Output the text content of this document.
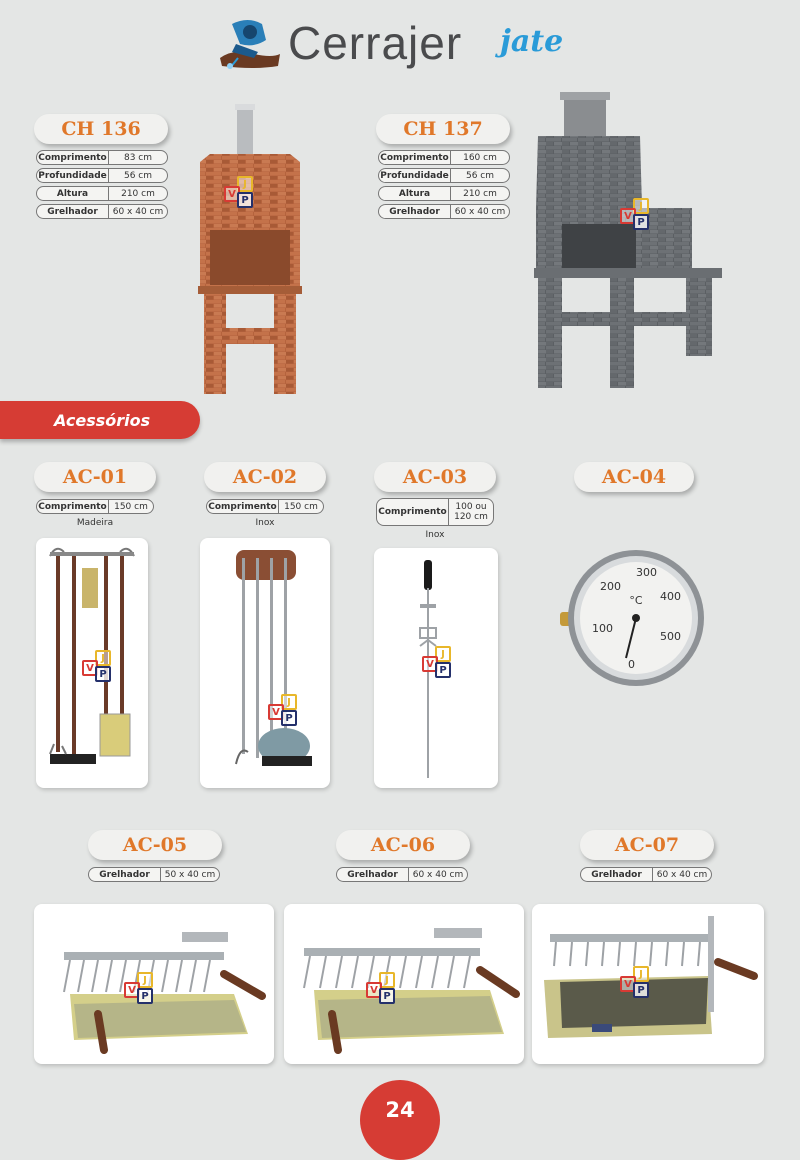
Cerrajer jate
CH 136
Comprimento	83 cm
Profundidade	56 cm
Altura	210 cm
Grelhador	60 x 40 cm
J
V
P
CH 137
Comprimento	160 cm
Profundidade	56 cm
Altura	210 cm
Grelhador	60 x 40 cm	J
V
P
Acessórios
AC-01
Comprimento 150 cm
Madeira
J
V
P
AC-02
Comprimento 150 cm
Inox
J
V
P
AC-03
Comprimento 100 ou
120 cm
Inox
J
V
P
AC-04
°C
0
100
200
300
400
500
AC-05
Grelhador	50 x 40 cm
J
V
P
AC-06
Grelhador	60 x 40 cm
J
V
P
AC-07
Grelhador	60 x 40 cm
J
V
P
24
